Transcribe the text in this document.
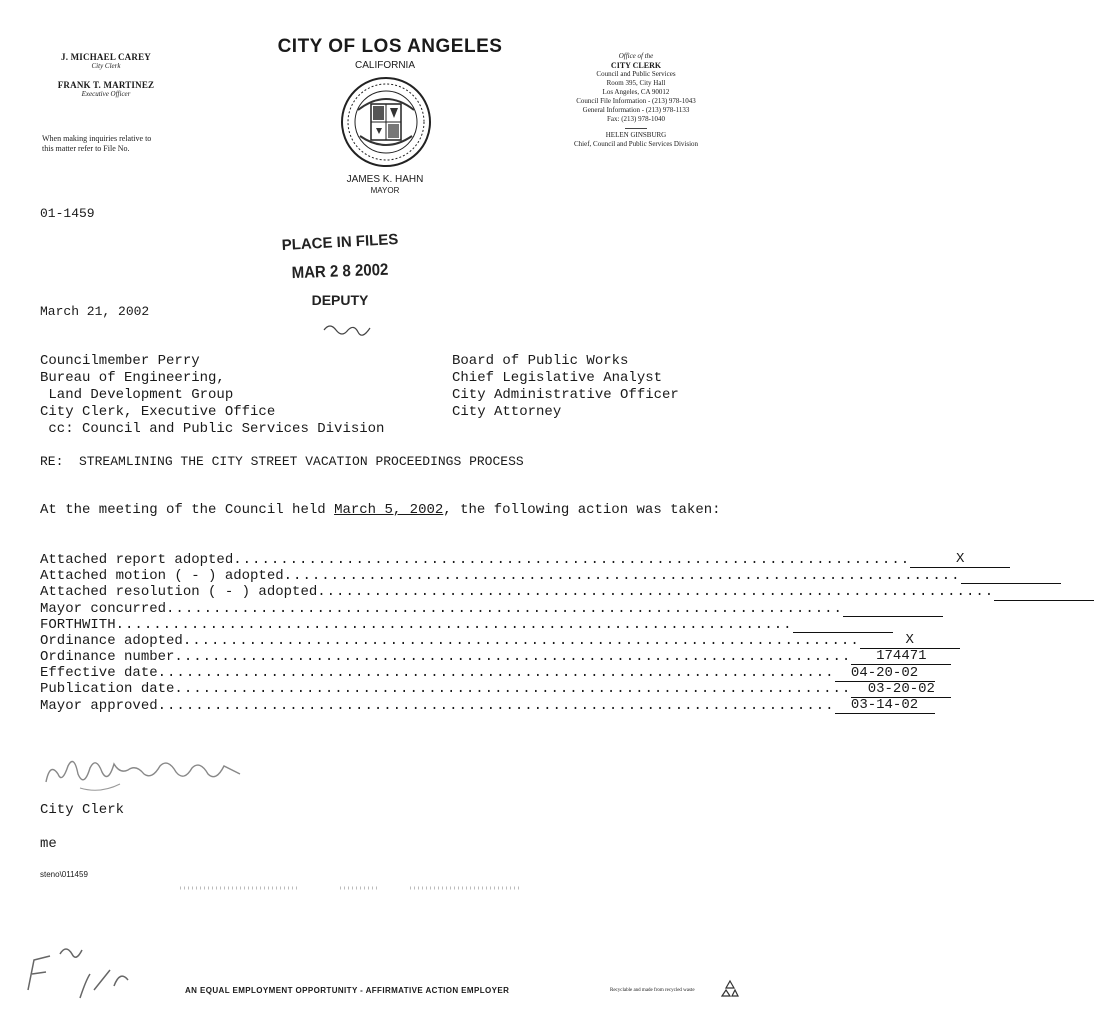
J. MICHAEL CAREY
City Clerk
FRANK T. MARTINEZ
Executive Officer
When making inquiries relative to this matter refer to File No.
CITY OF LOS ANGELES
CALIFORNIA
JAMES K. HAHN
MAYOR
Office of the
CITY CLERK
Council and Public Services
Room 395, City Hall
Los Angeles, CA 90012
Council File Information - (213) 978-1043
General Information - (213) 978-1133
Fax: (213) 978-1040
HELEN GINSBURG
Chief, Council and Public Services Division
01-1459
PLACE IN FILES
MAR 2 8 2002
DEPUTY
March 21, 2002
Councilmember Perry
Bureau of Engineering,
Land Development Group
City Clerk, Executive Office
cc: Council and Public Services Division
Board of Public Works
Chief Legislative Analyst
City Administrative Officer
City Attorney
RE:  STREAMLINING THE CITY STREET VACATION PROCEEDINGS PROCESS
At the meeting of the Council held March 5, 2002, the following action was taken:
Attached report adopted ........................................................................	X
Attached motion ( - ) adopted ........................................................................
Attached resolution ( - ) adopted ........................................................................
Mayor concurred ........................................................................
FORTHWITH ........................................................................
Ordinance adopted ........................................................................	X
Ordinance number ........................................................................	174471
Effective date ........................................................................	04-20-02
Publication date ........................................................................	03-20-02
Mayor approved ........................................................................	03-14-02
City Clerk
me
steno\011459
AN EQUAL EMPLOYMENT OPPORTUNITY - AFFIRMATIVE ACTION EMPLOYER	Recyclable and made from recycled waste
